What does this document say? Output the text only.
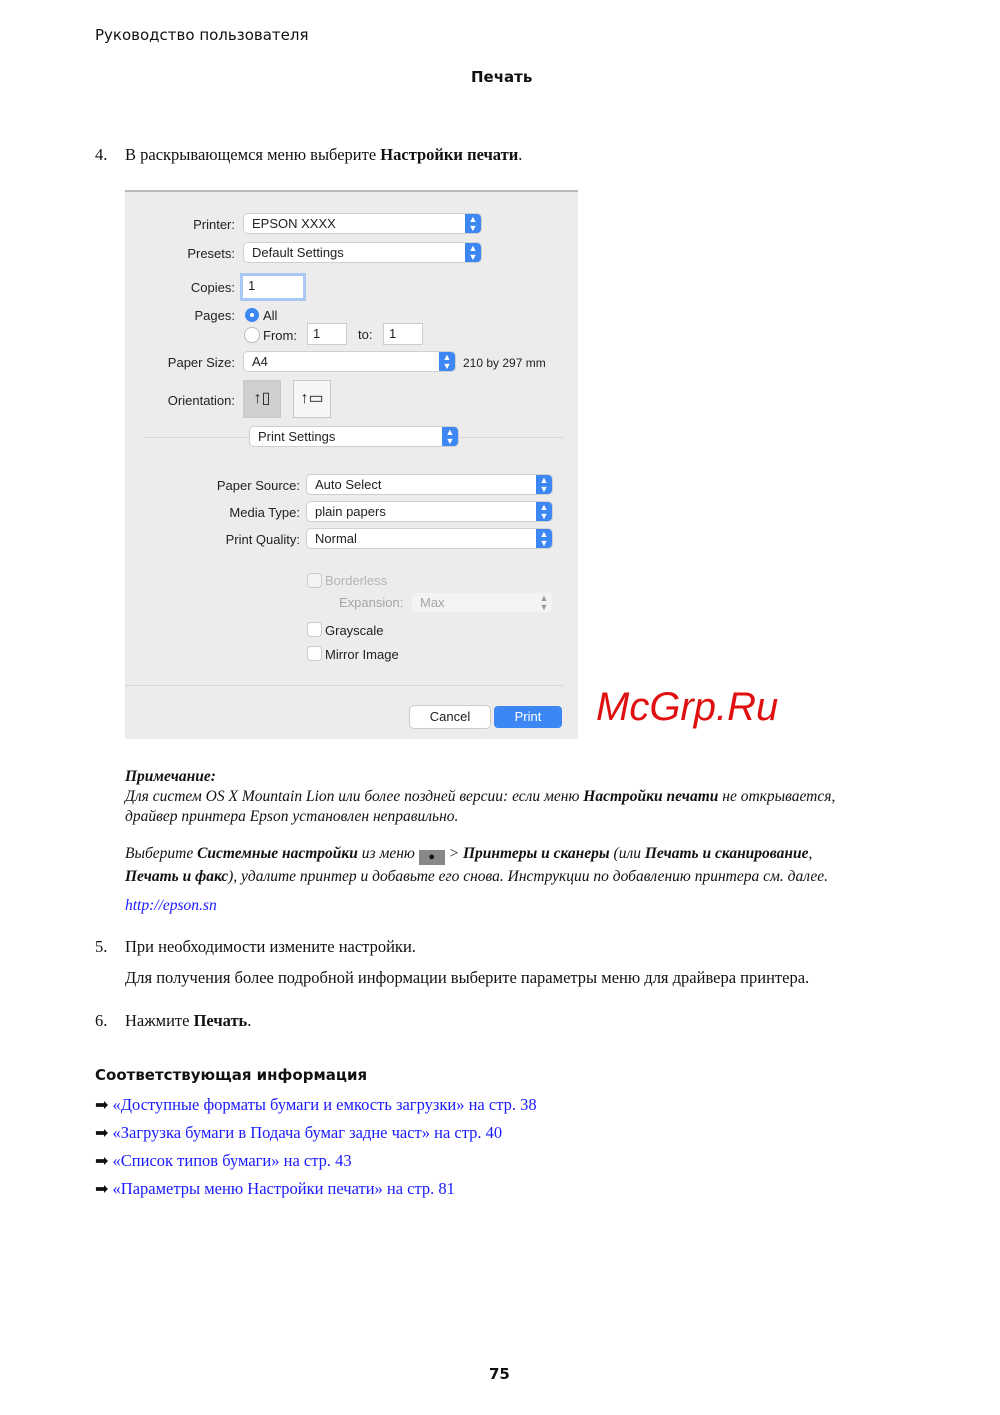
Руководство пользователя
Печать
4. В раскрывающемся меню выберите Настройки печати.
Printer:	EPSON XXXX	▲
▼
Presets:	Default Settings	▲
▼
Copies:	1
Pages: All
From:	1	to:	1
Paper Size:	A4	▲
▼ 210 by 297 mm
Orientation:	↑▯	↑▭
Print Settings	▲
▼
Paper Source:	Auto Select	▲
▼
Media Type:	plain papers	▲
▼
Print Quality:	Normal	▲
▼
Borderless
Expansion:	Max	▲
▼
Grayscale
Mirror Image
Cancel	Print	McGrp.Ru
Примечание:
Для систем OS X Mountain Lion или более поздней версии: если меню Настройки печати не открывается,
драйвер принтера Epson установлен неправильно.
Выберите Системные настройки из меню ● > Принтеры и сканеры (или Печать и сканирование,
Печать и факс), удалите принтер и добавьте его снова. Инструкции по добавлению принтера см. далее.
http://epson.sn
5. При необходимости измените настройки.
Для получения более подробной информации выберите параметры меню для драйвера принтера.
6. Нажмите Печать.
Соответствующая информация
➡ «Доступные форматы бумаги и емкость загрузки» на стр. 38
➡ «Загрузка бумаги в Подача бумаг задне част» на стр. 40
➡ «Список типов бумаги» на стр. 43
➡ «Параметры меню Настройки печати» на стр. 81
75
